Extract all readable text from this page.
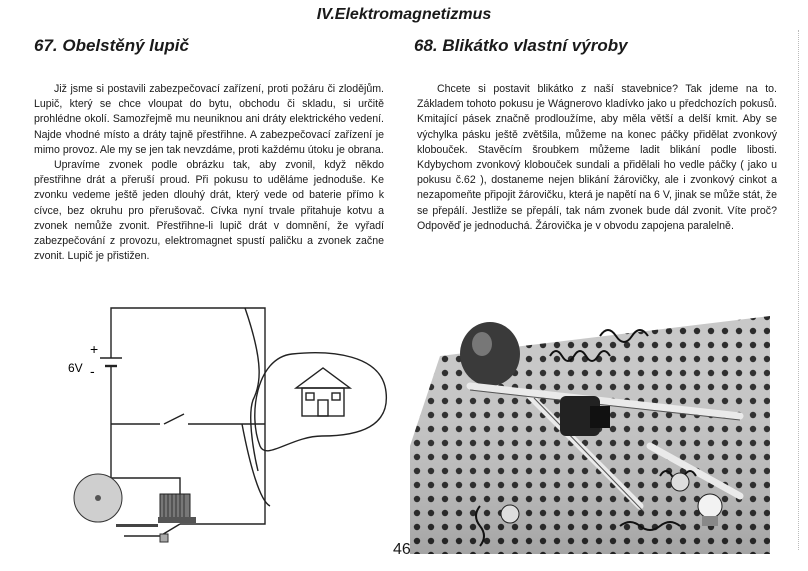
IV.Elektromagnetizmus
67. Obelstěný lupič	68. Blikátko vlastní výroby

Již jsme si postavili zabezpečovací zařízení, proti požáru či zlodějům. Lupič, který se chce vloupat do bytu, obchodu či skladu, si určitě prohlédne okolí. Samozřejmě mu neuniknou ani dráty elektrického vedení. Najde vhodné místo a dráty tajně přestřihne. A zabezpečovací zařízení je mimo provoz. Ale my se jen tak nevzdáme, proti každému útoku je obrana.

Upravíme zvonek podle obrázku tak, aby zvonil, když někdo přestřihne drát a přeruší proud. Při pokusu to uděláme jednoduše. Ke zvonku vedeme ještě jeden dlouhý drát, který vede od baterie přímo k cívce, bez okruhu pro přerušovač. Cívka nyní trvale přitahuje kotvu a zvonek nemůže zvonit. Přestřihne-li lupič drát v domnění, že vyřadí zabezpečování z provozu, elektromagnet spustí paličku a zvonek začne zvonit. Lupič je přistižen.

Chcete si postavit blikátko z naší stavebnice? Tak jdeme na to. Základem tohoto pokusu je Wágnerovo kladívko jako u předchozích pokusů. Kmitající pásek značně prodloužíme, aby měla větší a delší kmit. Aby se výchylka pásku ještě zvětšila, můžeme na konec páčky přidělat zvonkový klobouček. Stavěcím šroubkem můžeme ladit blikání podle libosti. Kdybychom zvonkový klobouček sundali a přidělali ho vedle páčky ( jako u pokusu č.62 ), dostaneme nejen blikání žárovičky, ale i zvonkový cinkot a nezapomeňte připojit žárovičku, která je napětí na 6 V, jinak se může stát, že se přepálí. Jestliže se přepálí, tak nám zvonek bude dál zvonit. Víte proč? Odpověď je jednoduchá. Žárovička je v obvodu zapojena paralelně.

+
-
6V
46
